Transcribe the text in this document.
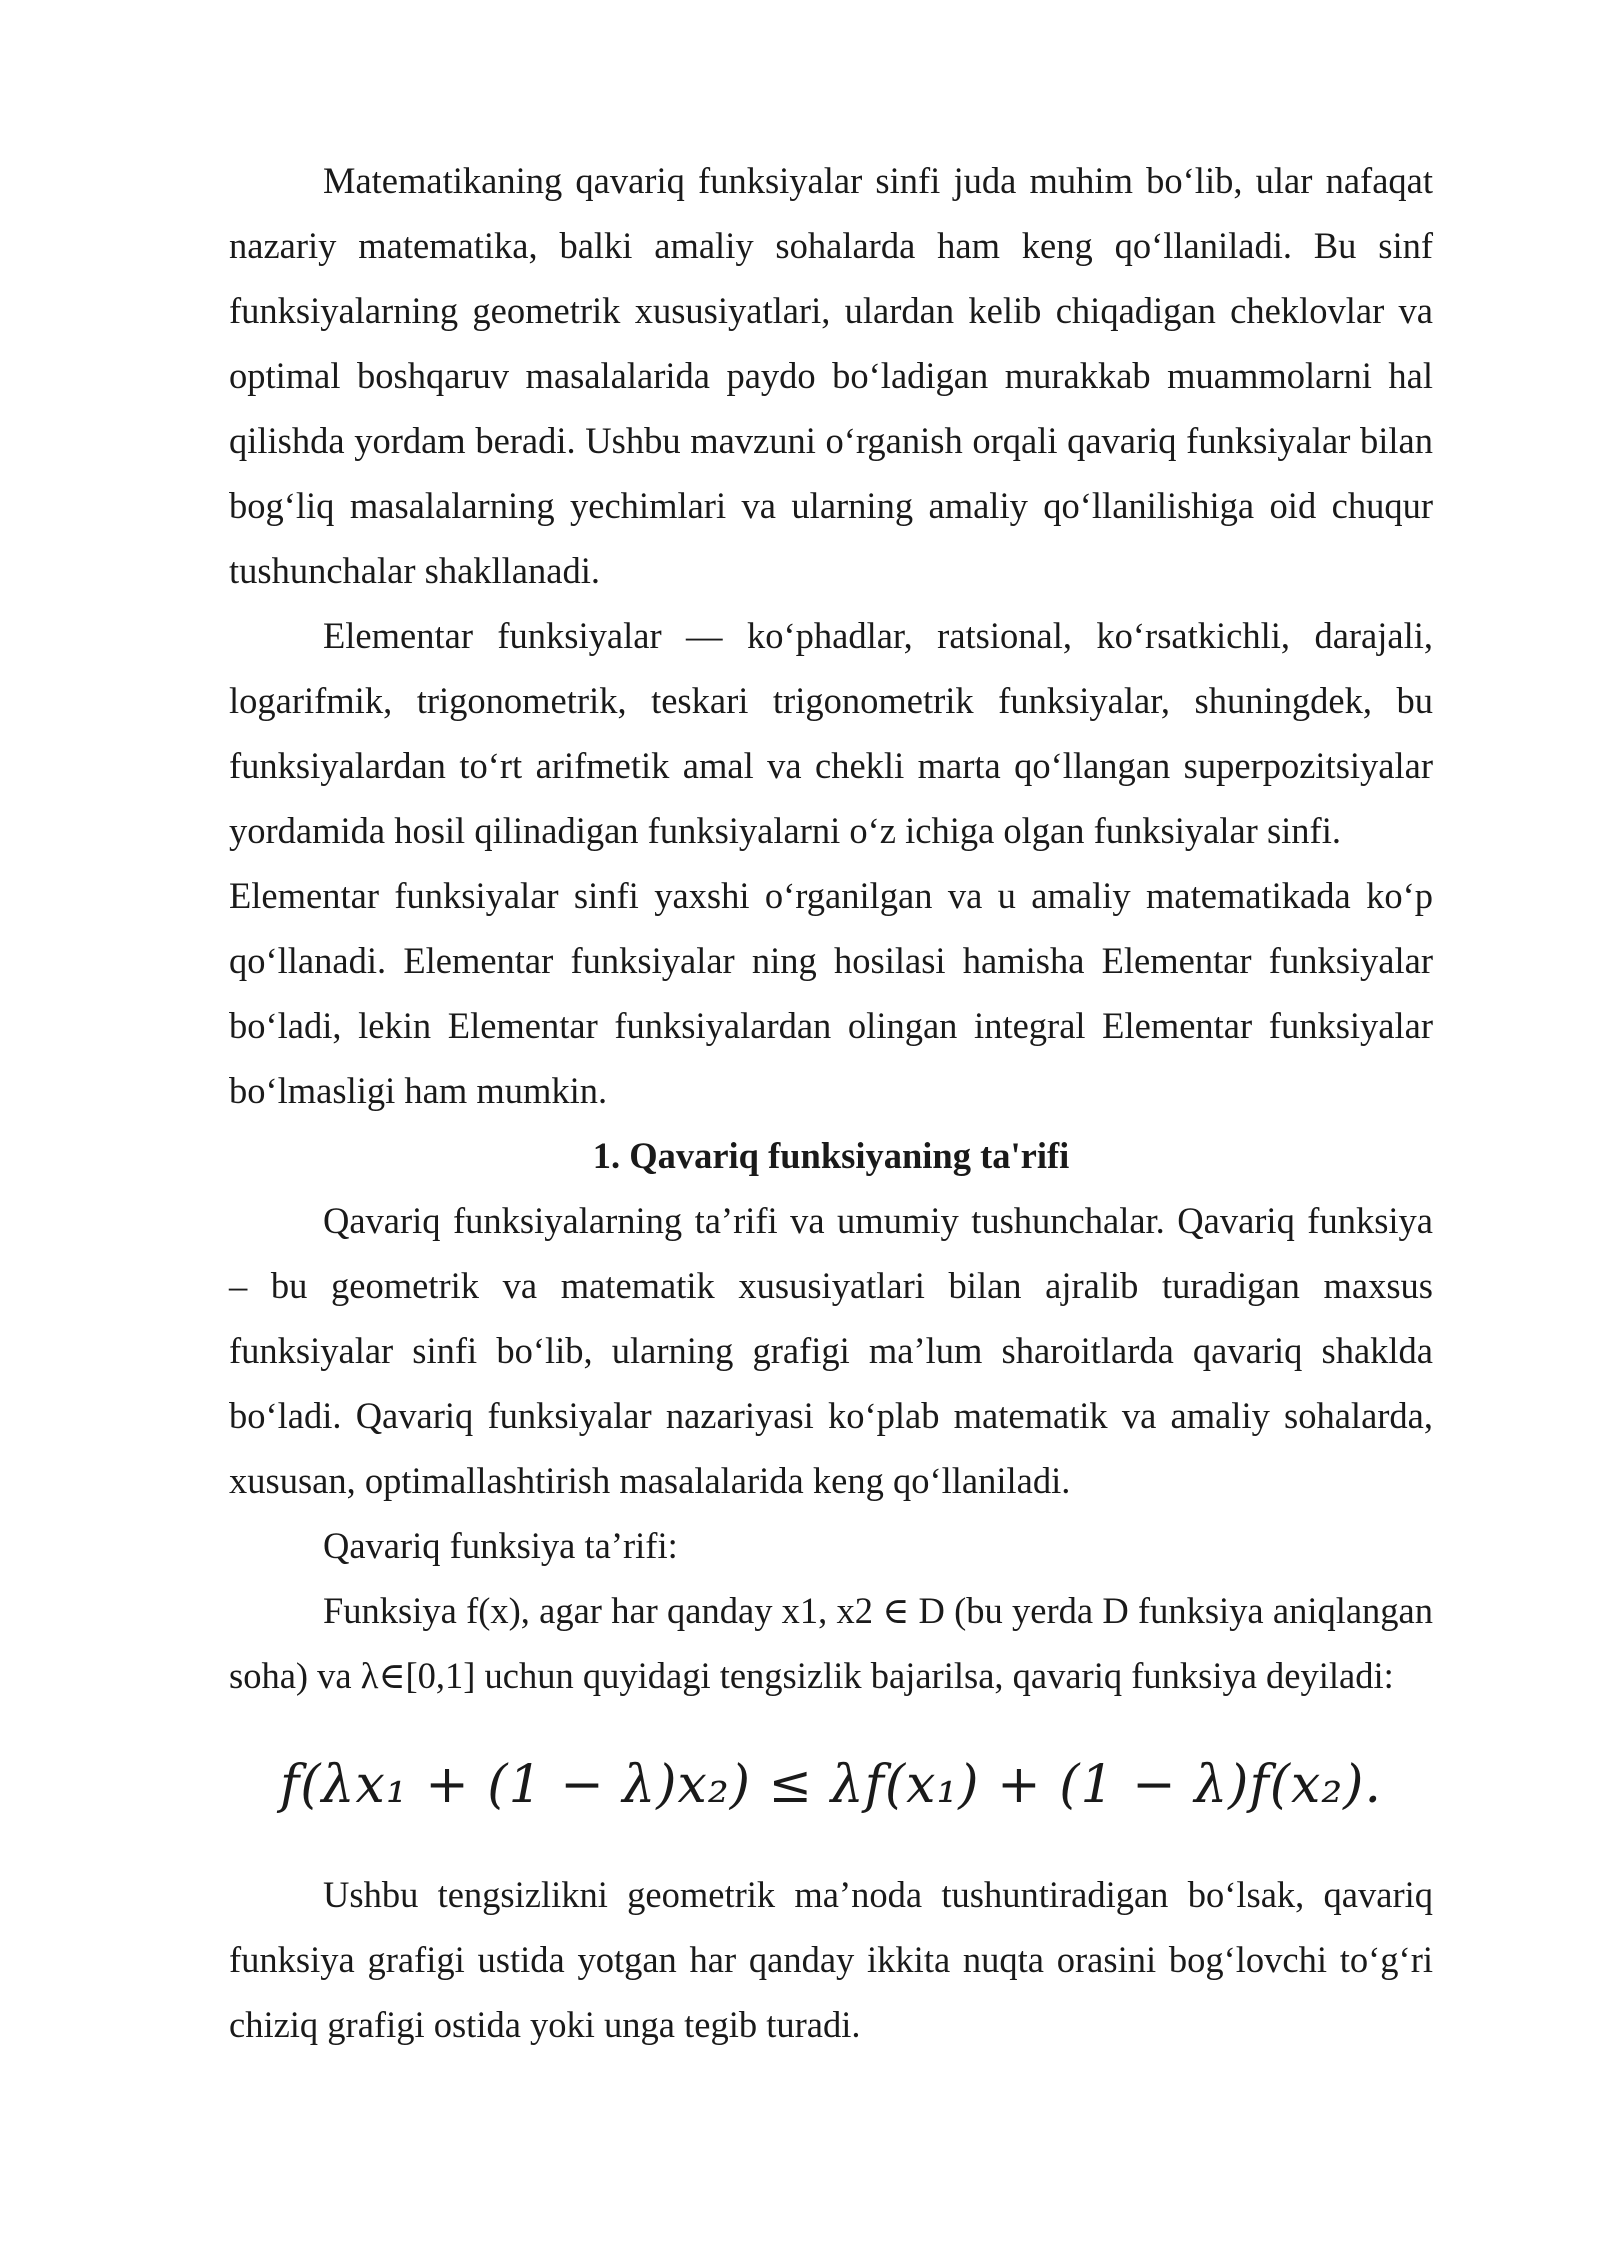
Matematikaning qavariq funksiyalar sinfi juda muhim bo‘lib, ular nafaqat nazariy matematika, balki amaliy sohalarda ham keng qo‘llaniladi. Bu sinf funksiyalarning geometrik xususiyatlari, ulardan kelib chiqadigan cheklovlar va optimal boshqaruv masalalarida paydo bo‘ladigan murakkab muammolarni hal qilishda yordam beradi. Ushbu mavzuni o‘rganish orqali qavariq funksiyalar bilan bog‘liq masalalarning yechimlari va ularning amaliy qo‘llanilishiga oid chuqur tushunchalar shakllanadi.

Elementar funksiyalar — ko‘phadlar, ratsional, ko‘rsatkichli, darajali, logarifmik, trigonometrik, teskari trigonometrik funksiyalar, shuningdek, bu funksiyalardan to‘rt arifmetik amal va chekli marta qo‘llangan superpozitsiyalar yordamida hosil qilinadigan funksiyalarni o‘z ichiga olgan funksiyalar sinfi.

Elementar funksiyalar sinfi yaxshi o‘rganilgan va u amaliy matematikada ko‘p qo‘llanadi. Elementar funksiyalar ning hosilasi hamisha Elementar funksiyalar bo‘ladi, lekin Elementar funksiyalardan olingan integral Elementar funksiyalar bo‘lmasligi ham mumkin.

1. Qavariq funksiyaning ta'rifi

Qavariq funksiyalarning ta’rifi va umumiy tushunchalar. Qavariq funksiya – bu geometrik va matematik xususiyatlari bilan ajralib turadigan maxsus funksiyalar sinfi bo‘lib, ularning grafigi ma’lum sharoitlarda qavariq shaklda bo‘ladi. Qavariq funksiyalar nazariyasi ko‘plab matematik va amaliy sohalarda, xususan, optimallashtirish masalalarida keng qo‘llaniladi.

Qavariq funksiya ta’rifi:

Funksiya f(x), agar har qanday x1, x2 ∈ D (bu yerda D funksiya aniqlangan soha) va λ∈[0,1] uchun quyidagi tengsizlik bajarilsa, qavariq funksiya deyiladi:

f(λx₁ + (1 − λ)x₂) ≤ λf(x₁) + (1 − λ)f(x₂).

Ushbu tengsizlikni geometrik ma’noda tushuntiradigan bo‘lsak, qavariq funksiya grafigi ustida yotgan har qanday ikkita nuqta orasini bog‘lovchi to‘g‘ri chiziq grafigi ostida yoki unga tegib turadi.
